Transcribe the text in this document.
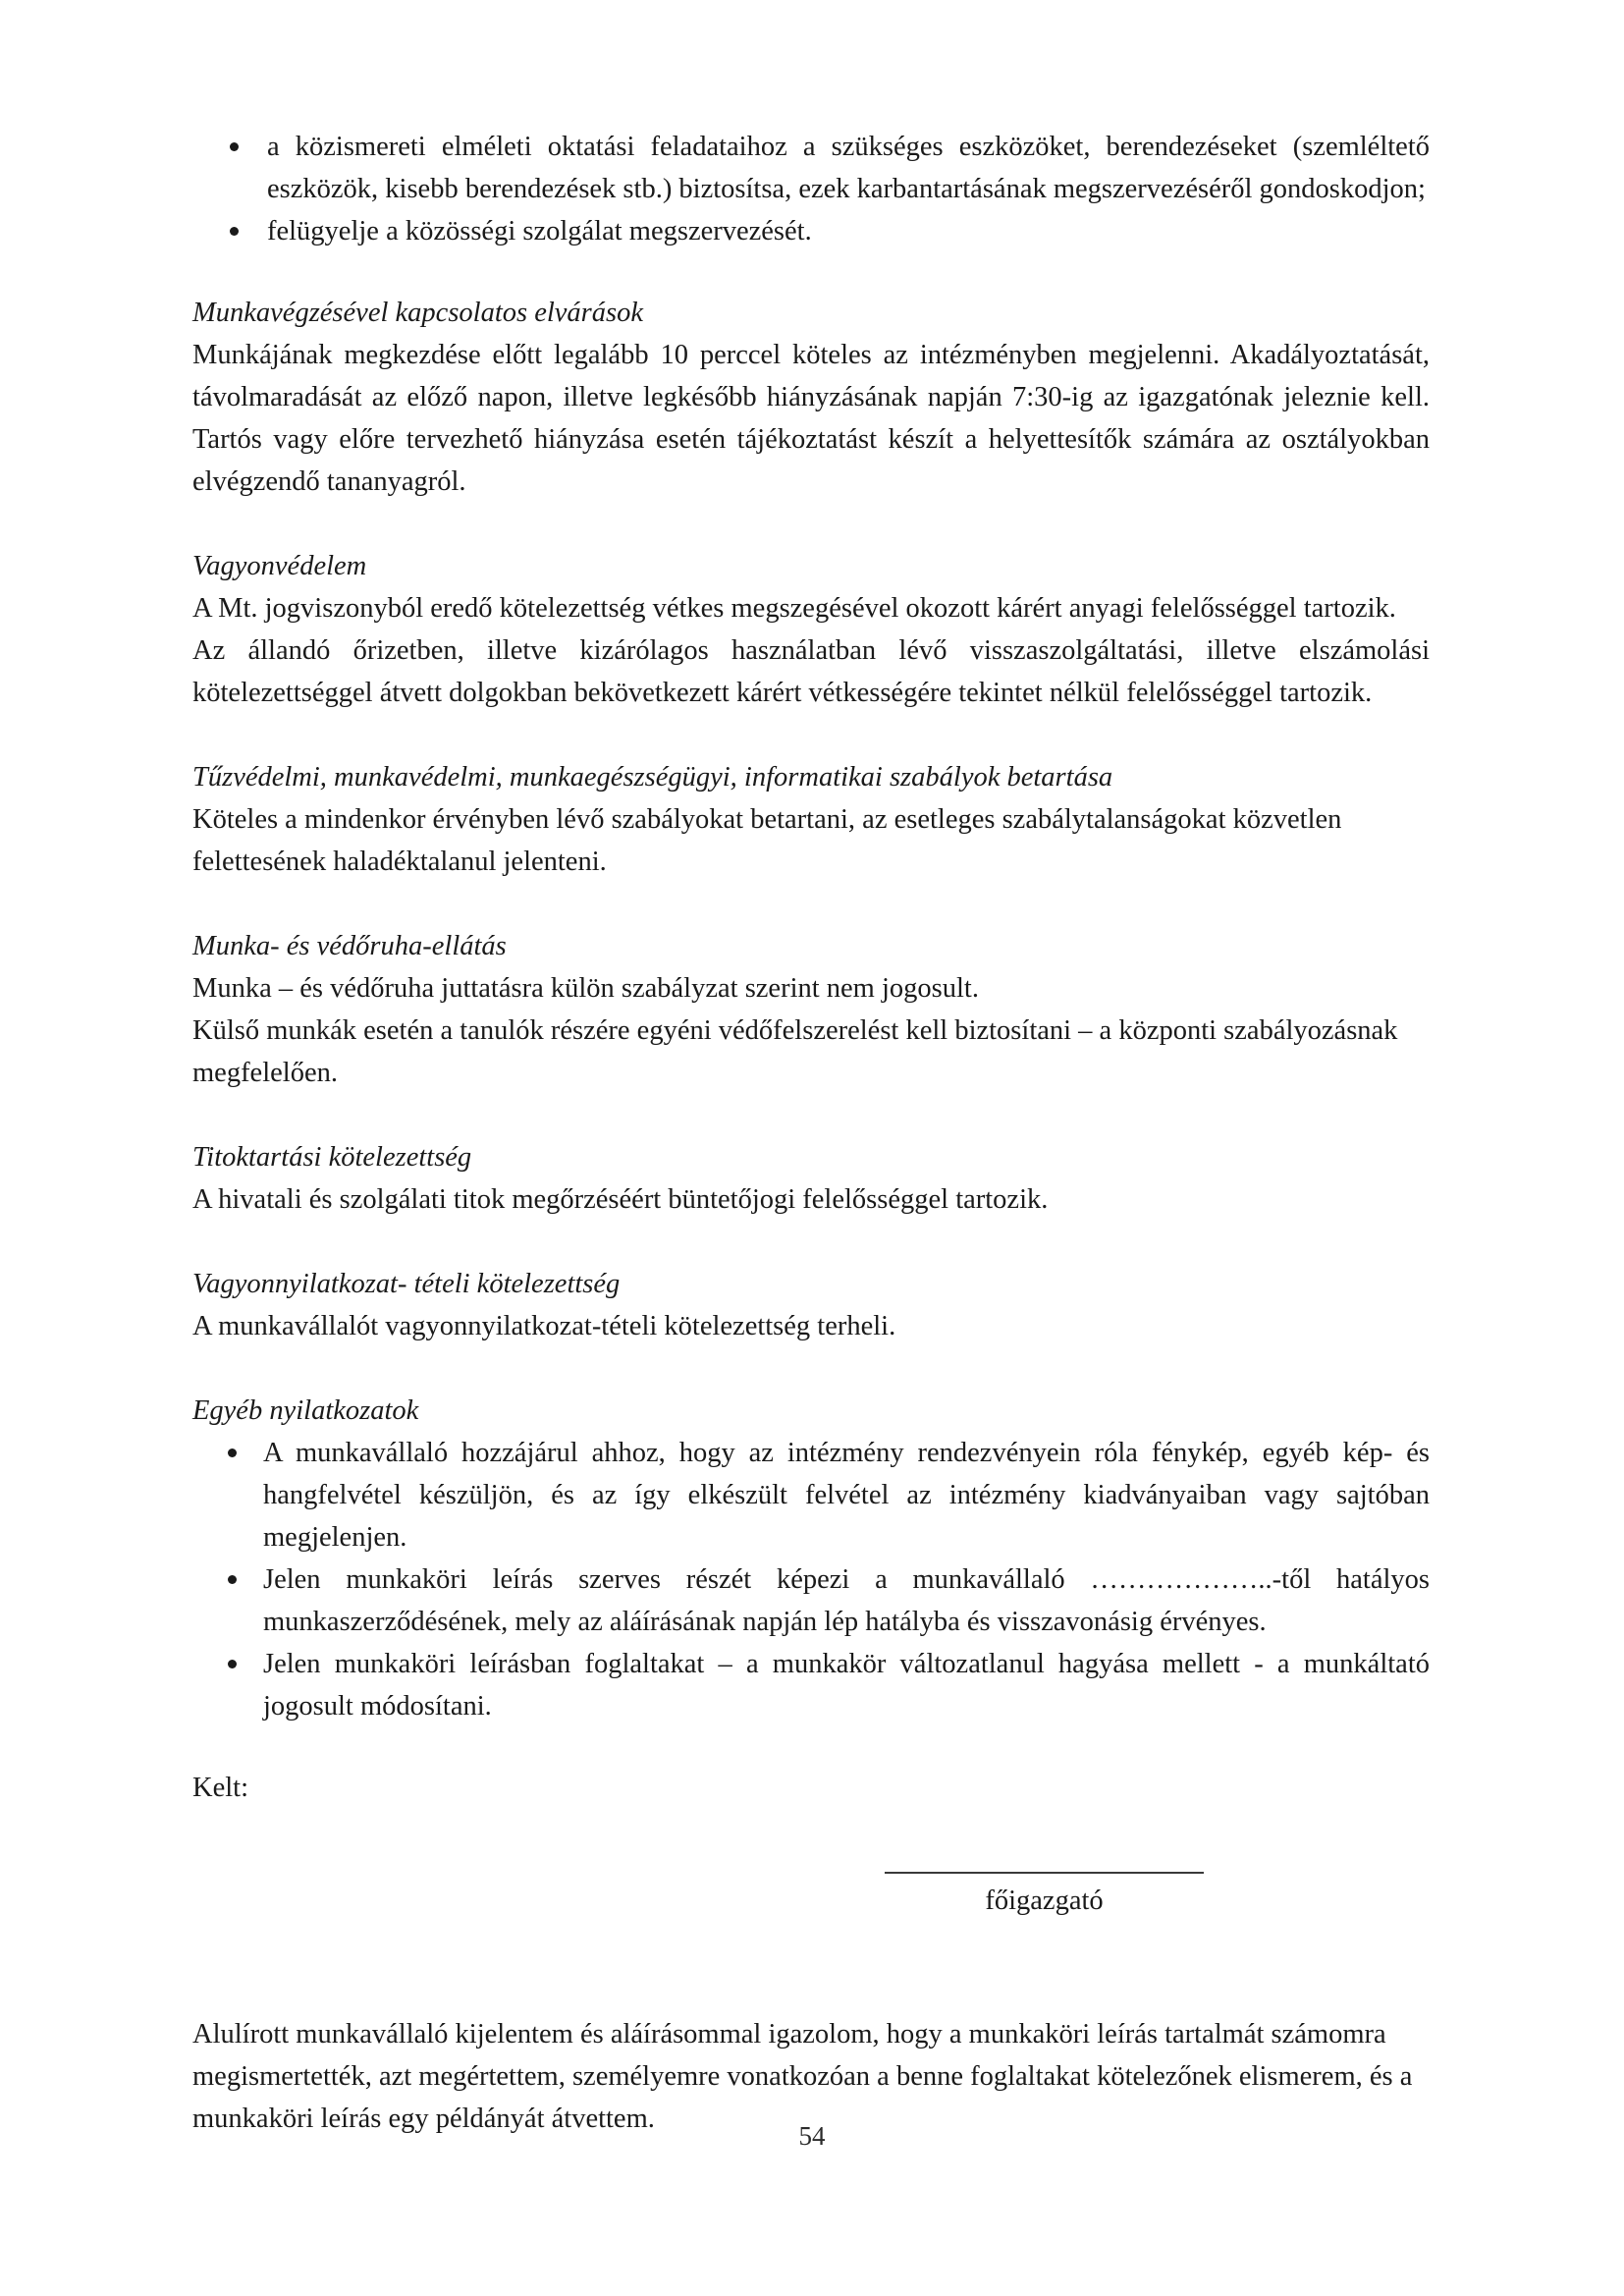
a közismereti elméleti oktatási feladataihoz a szükséges eszközöket, berendezéseket (szemléltető eszközök, kisebb berendezések stb.) biztosítsa, ezek karbantartásának megszervezéséről gondoskodjon;
felügyelje a közösségi szolgálat megszervezését.
Munkavégzésével kapcsolatos elvárások

Munkájának megkezdése előtt legalább 10 perccel köteles az intézményben megjelenni. Akadályoztatását, távolmaradását az előző napon, illetve legkésőbb hiányzásának napján 7:30-ig az igazgatónak jeleznie kell. Tartós vagy előre tervezhető hiányzása esetén tájékoztatást készít a helyettesítők számára az osztályokban elvégzendő tananyagról.

Vagyonvédelem

A Mt. jogviszonyból eredő kötelezettség vétkes megszegésével okozott kárért anyagi felelősséggel tartozik.

Az állandó őrizetben, illetve kizárólagos használatban lévő visszaszolgáltatási, illetve elszámolási kötelezettséggel átvett dolgokban bekövetkezett kárért vétkességére tekintet nélkül felelősséggel tartozik.

Tűzvédelmi, munkavédelmi, munkaegészségügyi, informatikai szabályok betartása

Köteles a mindenkor érvényben lévő szabályokat betartani, az esetleges szabálytalanságokat közvetlen felettesének haladéktalanul jelenteni.

Munka- és védőruha-ellátás

Munka – és védőruha juttatásra külön szabályzat szerint nem jogosult.

Külső munkák esetén a tanulók részére egyéni védőfelszerelést kell biztosítani – a központi szabályozásnak megfelelően.

Titoktartási kötelezettség

A hivatali és szolgálati titok megőrzéséért büntetőjogi felelősséggel tartozik.

Vagyonnyilatkozat- tételi kötelezettség

A munkavállalót vagyonnyilatkozat-tételi kötelezettség terheli.

Egyéb nyilatkozatok
A munkavállaló hozzájárul ahhoz, hogy az intézmény rendezvényein róla fénykép, egyéb kép- és hangfelvétel készüljön, és az így elkészült felvétel az intézmény kiadványaiban vagy sajtóban megjelenjen.
Jelen munkaköri leírás szerves részét képezi a munkavállaló ………………..-től hatályos munkaszerződésének, mely az aláírásának napján lép hatályba és visszavonásig érvényes.
Jelen munkaköri leírásban foglaltakat – a munkakör változatlanul hagyása mellett - a munkáltató jogosult módosítani.
Kelt:
főigazgató

Alulírott munkavállaló kijelentem és aláírásommal igazolom, hogy a munkaköri leírás tartalmát számomra megismertették, azt megértettem, személyemre vonatkozóan a benne foglaltakat kötelezőnek elismerem, és a munkaköri leírás egy példányát átvettem.

54
